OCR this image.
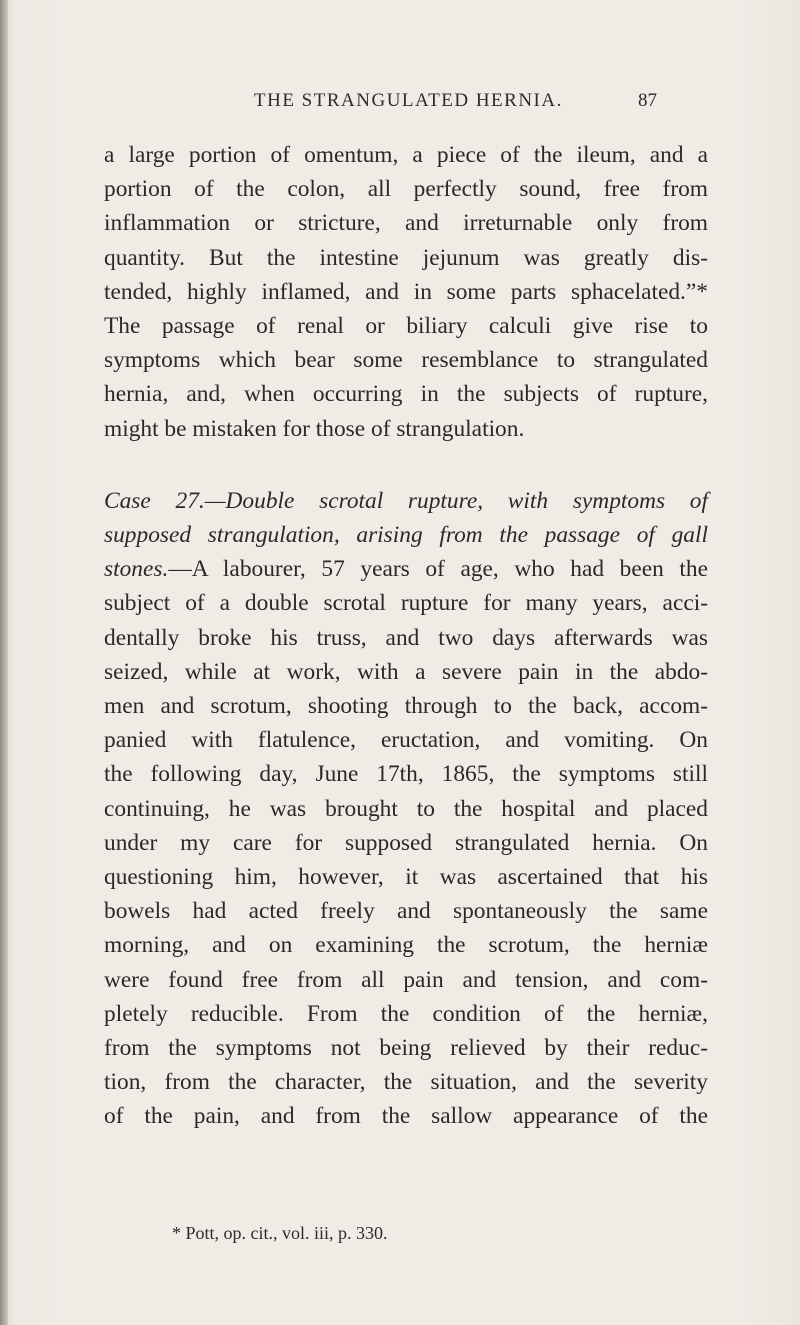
THE STRANGULATED HERNIA.	87
a large portion of omentum, a piece of the ileum, and a
portion of the colon, all perfectly sound, free from
inflammation or stricture, and irreturnable only from
quantity. But the intestine jejunum was greatly dis-
tended, highly inflamed, and in some parts sphacelated.”*
The passage of renal or biliary calculi give rise to
symptoms which bear some resemblance to strangulated
hernia, and, when occurring in the subjects of rupture,
might be mistaken for those of strangulation.
Case 27.—Double scrotal rupture, with symptoms of
supposed strangulation, arising from the passage of gall
stones.—A labourer, 57 years of age, who had been the
subject of a double scrotal rupture for many years, acci-
dentally broke his truss, and two days afterwards was
seized, while at work, with a severe pain in the abdo-
men and scrotum, shooting through to the back, accom-
panied with flatulence, eructation, and vomiting. On
the following day, June 17th, 1865, the symptoms still
continuing, he was brought to the hospital and placed
under my care for supposed strangulated hernia. On
questioning him, however, it was ascertained that his
bowels had acted freely and spontaneously the same
morning, and on examining the scrotum, the herniæ
were found free from all pain and tension, and com-
pletely reducible. From the condition of the herniæ,
from the symptoms not being relieved by their reduc-
tion, from the character, the situation, and the severity
of the pain, and from the sallow appearance of the
* Pott, op. cit., vol. iii, p. 330.
